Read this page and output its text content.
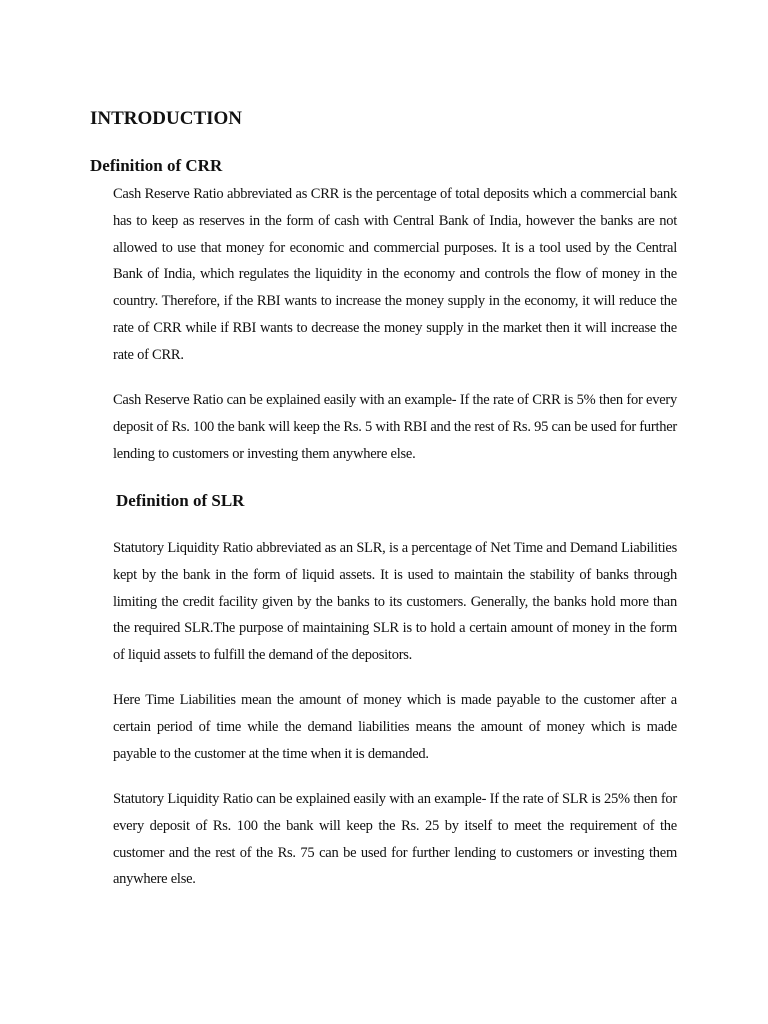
INTRODUCTION
Definition of CRR

Cash Reserve Ratio abbreviated as CRR is the percentage of total deposits which a commercial bank has to keep as reserves in the form of cash with Central Bank of India, however the banks are not allowed to use that money for economic and commercial purposes. It is a tool used by the Central Bank of India, which regulates the liquidity in the economy and controls the flow of money in the country. Therefore, if the RBI wants to increase the money supply in the economy, it will reduce the rate of CRR while if RBI wants to decrease the money supply in the market then it will increase the rate of CRR.

Cash Reserve Ratio can be explained easily with an example- If the rate of CRR is 5% then for every deposit of Rs. 100 the bank will keep the Rs. 5 with RBI and the rest of Rs. 95 can be used for further lending to customers or investing them anywhere else.

Definition of SLR

Statutory Liquidity Ratio abbreviated as an SLR, is a percentage of Net Time and Demand Liabilities kept by the bank in the form of liquid assets. It is used to maintain the stability of banks through limiting the credit facility given by the banks to its customers. Generally, the banks hold more than the required SLR.The purpose of maintaining SLR is to hold a certain amount of money in the form of liquid assets to fulfill the demand of the depositors.

Here Time Liabilities mean the amount of money which is made payable to the customer after a certain period of time while the demand liabilities means the amount of money which is made payable to the customer at the time when it is demanded.

Statutory Liquidity Ratio can be explained easily with an example- If the rate of SLR is 25% then for every deposit of Rs. 100 the bank will keep the Rs. 25 by itself to meet the requirement of the customer and the rest of the Rs. 75 can be used for further lending to customers or investing them anywhere else.
